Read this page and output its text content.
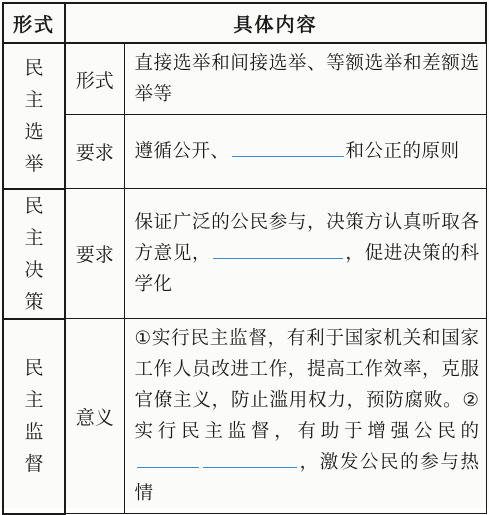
形式	具体内容	
民主选举	形式	直接选举和间接选举、等额选举和差额选举等
	要求	遵循公开、 和公正的原则
民主决策	要求	保证广泛的公民参与，决策方认真听取各方意见， ，促进决策的科学化
民主监督	意义	①实行民主监督，有利于国家机关和国家工作人员改进工作，提高工作效率，克服官僚主义，防止滥用权力，预防腐败。②实行民主监督，有助于增强公民的，激发公民的参与热情
